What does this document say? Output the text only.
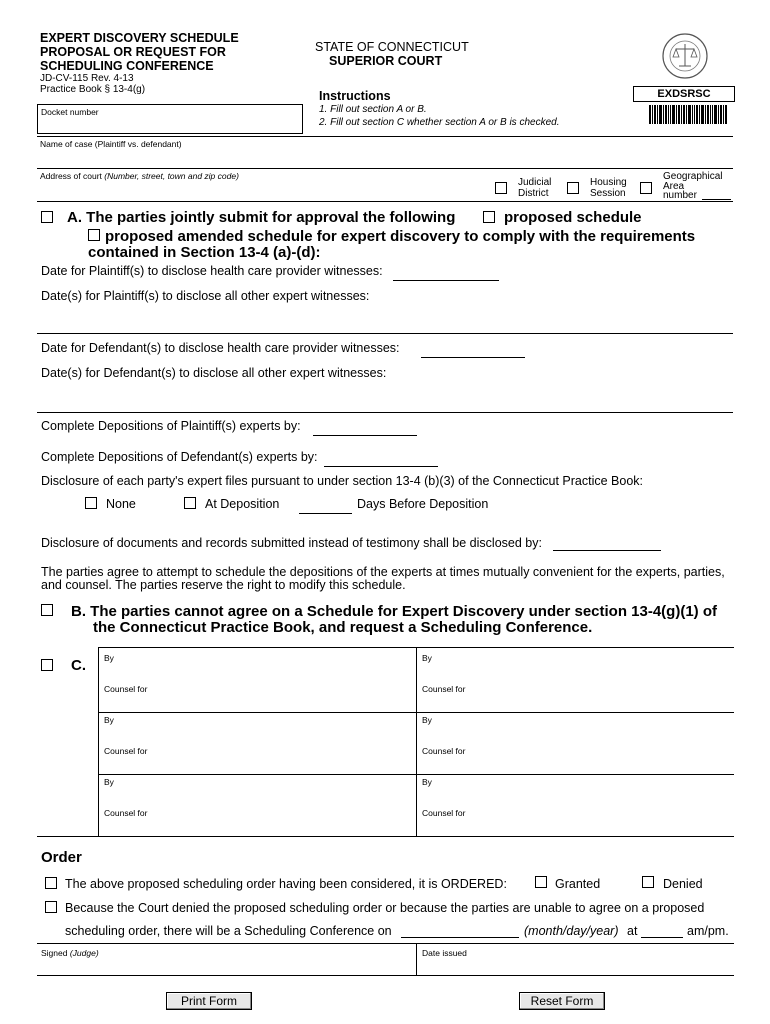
EXPERT DISCOVERY SCHEDULE
PROPOSAL OR REQUEST FOR
SCHEDULING CONFERENCE
JD-CV-115 Rev. 4-13
Practice Book § 13-4(g)
STATE OF CONNECTICUT
SUPERIOR COURT
EXDSRSC
Instructions
1. Fill out section A or B.
2. Fill out section C whether section A or B is checked.
Docket number
Name of case (Plaintiff vs. defendant)
Address of court (Number, street, town and zip code)
Judicial
District
Housing
Session
Geographical
Area
number
A. The parties jointly submit for approval the following	proposed schedule
proposed amended schedule for expert discovery to comply with the requirements
contained in Section 13-4 (a)-(d):
Date for Plaintiff(s) to disclose health care provider witnesses:
Date(s) for Plaintiff(s) to disclose all other expert witnesses:
Date for Defendant(s) to disclose health care provider witnesses:
Date(s) for Defendant(s) to disclose all other expert witnesses:
Complete Depositions of Plaintiff(s) experts by:
Complete Depositions of Defendant(s) experts by:
Disclosure of each party's expert files pursuant to under section 13-4 (b)(3) of the Connecticut Practice Book:
None	At Deposition	Days Before Deposition
Disclosure of documents and records submitted instead of testimony shall be disclosed by:
The parties agree to attempt to schedule the depositions of the experts at times mutually convenient for the experts, parties,
and counsel. The parties reserve the right to modify this schedule.
B. The parties cannot agree on a Schedule for Expert Discovery under section 13-4(g)(1) of
the Connecticut Practice Book, and request a Scheduling Conference.
C. By	By
Counsel for	Counsel for
By	By
Counsel for	Counsel for
By	By
Counsel for	Counsel for
Order
The above proposed scheduling order having been considered, it is ORDERED:	Granted	Denied
Because the Court denied the proposed scheduling order or because the parties are unable to agree on a proposed
scheduling order, there will be a Scheduling Conference on	(month/day/year) at	am/pm.
Signed (Judge)	Date issued
Print Form	Reset Form
